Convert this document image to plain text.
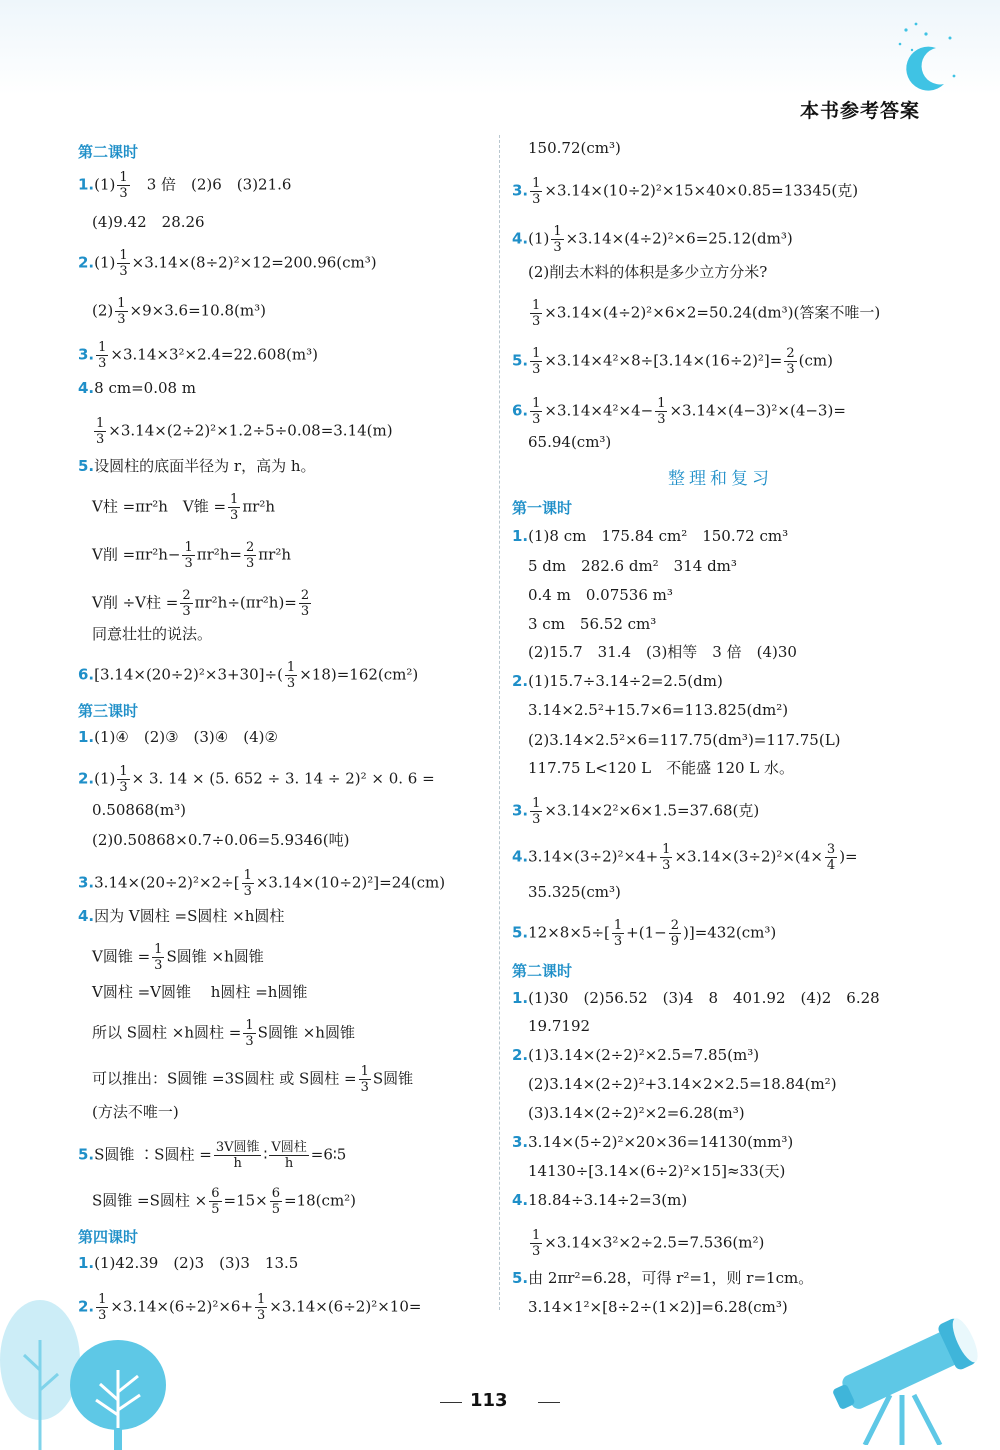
本书参考答案
第二课时
$1.(1) \frac{1}{3}$
　 3 倍　 (2)6　(3)21.6
(4)9.42　28.26
$2.(1) \frac{1}{3} \times 3.14\times(8\div 2)^2\times 12=200.96(cm^3)$
$(2) \frac{1}{3} \times 9\times 3.6=10.8(m^3)$
3. $\frac{1}{3} \times 3.14\times 3^2\times 2.4=22.608(m^3)$
4.8 cm=0.08 m
$\frac{1}{3} \times 3.14\times(2\div 2)^2\times 1.2\div 5\div 0.08=3.14(m)$
5.设圆柱的底面半径为 r，高为 h。
V柱 =πr²h　V锥 = $\frac{1}{3} \pi r^2h$
V削 $=\pi r^2h- \frac{1}{3} \pi r^2h= \frac{2}{3} \pi r^2h$
V削 ÷V柱 = $\frac{2}{3} \pi r^2h\div(\pi r^2h)= \frac{2}{3}$
同意壮壮的说法。
$6.[3.14\times(20\div 2)^2\times 3+30]\div( \frac{1}{3} \times 18)=162(cm^2)$
第三课时
1.(1)④　(2)③　(3)④　(4)②
$2.(1) \frac{1}{3} \times 3$. 14 × (5. 652 ÷ 3. 14 ÷ 2)² × 0. 6 =
0.50868(m³)
(2)0.50868×0.7÷0.06=5.9346(吨)
$3.3.14\times(20\div 2)^2\times 2\div[ \frac{1}{3} \times 3.14\times(10\div 2)^2]=24(cm)$
4.因为 V圆柱 =S圆柱 ×h圆柱
V圆锥 = $\frac{1}{3}$ S圆锥 ×h圆锥
V圆柱 =V圆锥　 h圆柱 =h圆锥
所以 S圆柱 ×h圆柱 = $\frac{1}{3}$ S圆锥 ×h圆锥
可以推出：S圆锥 =3S圆柱 或 S圆柱 = $\frac{1}{3}$ S圆锥
(方法不唯一)
5.S圆锥 ∶S圆柱 = $\frac{\text{3V圆锥}}{h}$ ∶ $\frac{\text{V圆柱}}{h}$ =6∶5
S圆锥 =S圆柱 × $\frac{6}{5} =15\times \frac{6}{5} =18(cm^2)$
第四课时
1.(1)42.39　(2)3　(3)3　13.5
2. $\frac{1}{3} \times 3.14\times(6\div 2)^2\times 6+ \frac{1}{3} \times 3.14\times(6\div 2)^2\times 10=$
150.72(cm³)
3. $\frac{1}{3} \times 3.14\times(10\div 2)^2\times 15\times 40\times 0.85=13345$(克)
$4.(1) \frac{1}{3} \times 3.14\times(4\div 2)^2\times 6=25.12(dm^3)$
(2)削去木料的体积是多少立方分米?
$\frac{1}{3} \times 3.14\times(4\div 2)^2\times 6\times 2=50.24(dm^3)$(答案不唯一)
5. $\frac{1}{3} \times 3.14\times 4^2\times 8\div[3.14\times(16\div 2)^2]= \frac{2}{3} (cm)$
6. $\frac{1}{3} \times 3.14\times 4^2\times 4- \frac{1}{3} \times 3.14\times(4-3)^2\times(4-3)=$
65.94(cm³)
整理和复习
第一课时
1.(1)8 cm　175.84 cm²　150.72 cm³
5 dm　282.6 dm²　314 dm³
0.4 m　0.07536 m³
3 cm　56.52 cm³
(2)15.7　31.4　(3)相等　3 倍　(4)30
2.(1)15.7÷3.14÷2=2.5(dm)
3.14×2.5²+15.7×6=113.825(dm²)
(2)3.14×2.5²×6=117.75(dm³)=117.75(L)
117.75 L<120 L　不能盛 120 L 水。
3. $\frac{1}{3} \times 3.14\times 2^2\times 6\times 1.5=37.68$(克)
$4.3.14\times(3\div 2)^2\times 4+ \frac{1}{3} \times 3.14\times(3\div 2)^2\times(4\times \frac{3}{4}$ )=
35.325(cm³)
$5.12\times 8\times 5\div[ \frac{1}{3} +(1- \frac{2}{9} )]=432(cm^3)$
第二课时
1.(1)30　(2)56.52　(3)4　8　401.92　(4)2　6.28
19.7192
2.(1)3.14×(2÷2)²×2.5=7.85(m³)
(2)3.14×(2÷2)²+3.14×2×2.5=18.84(m²)
(3)3.14×(2÷2)²×2=6.28(m³)
3.3.14×(5÷2)²×20×36=14130(mm³)
14130÷[3.14×(6÷2)²×15]≈33(天)
4.18.84÷3.14÷2=3(m)
$\frac{1}{3} \times 3.14\times 3^2\times 2\div 2.5=7.536(m^2)$
5.由 2πr²=6.28，可得 r²=1，则 r=1cm。
3.14×1²×[8÷2÷(1×2)]=6.28(cm³)
113
